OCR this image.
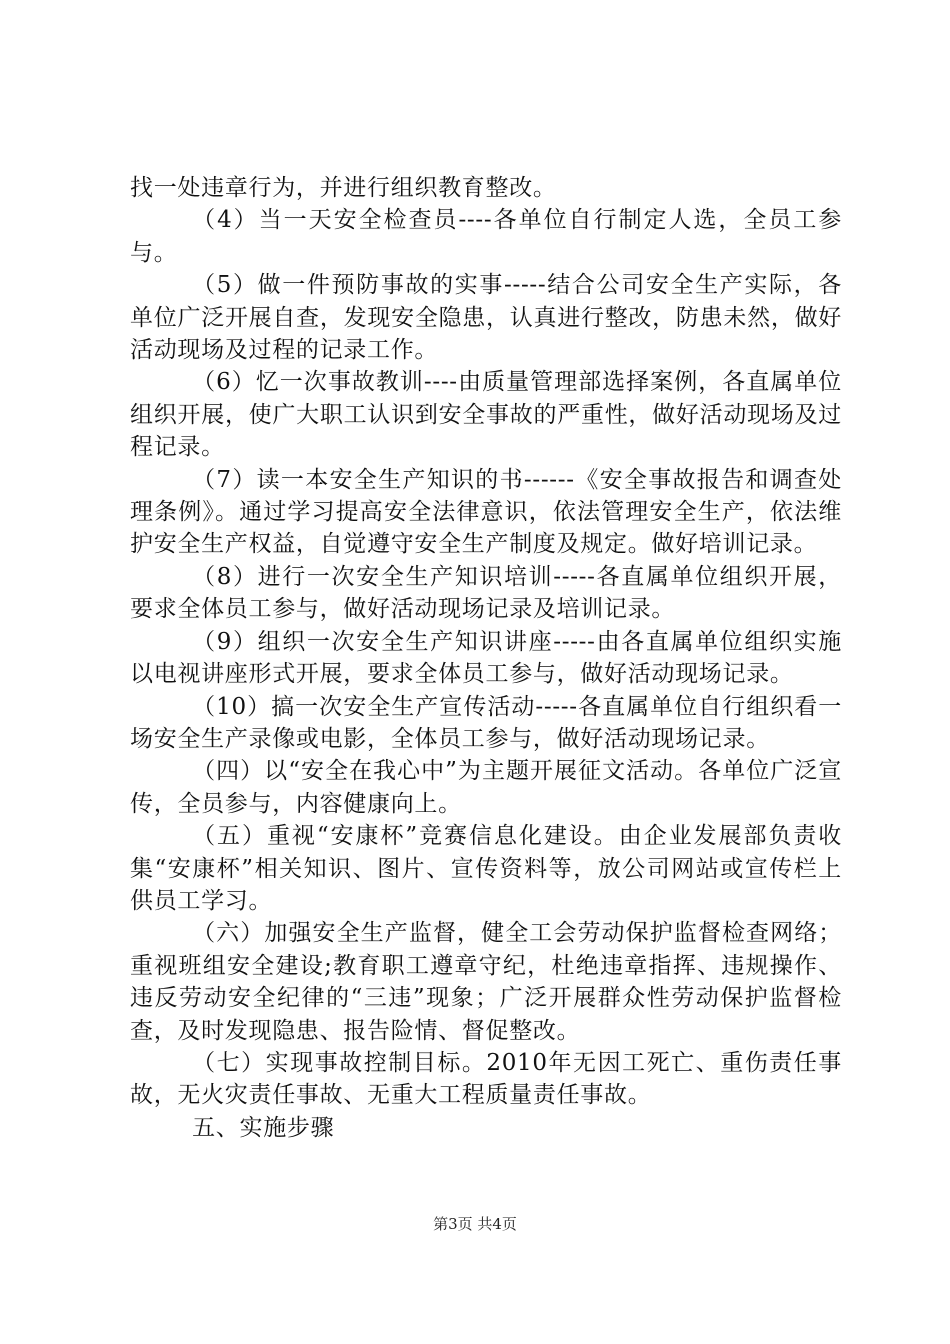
找一处违章行为，并进行组织教育整改。

（4）当一天安全检查员----各单位自行制定人选，全员工参与。

（5）做一件预防事故的实事-----结合公司安全生产实际，各单位广泛开展自查，发现安全隐患，认真进行整改，防患未然，做好活动现场及过程的记录工作。

（6）忆一次事故教训----由质量管理部选择案例，各直属单位组织开展，使广大职工认识到安全事故的严重性，做好活动现场及过程记录。

（7）读一本安全生产知识的书------《安全事故报告和调查处理条例》。通过学习提高安全法律意识，依法管理安全生产，依法维护安全生产权益，自觉遵守安全生产制度及规定。做好培训记录。

（8）进行一次安全生产知识培训-----各直属单位组织开展，要求全体员工参与，做好活动现场记录及培训记录。

（9）组织一次安全生产知识讲座-----由各直属单位组织实施以电视讲座形式开展，要求全体员工参与，做好活动现场记录。

（10）搞一次安全生产宣传活动-----各直属单位自行组织看一场安全生产录像或电影，全体员工参与，做好活动现场记录。

（四）以“安全在我心中”为主题开展征文活动。各单位广泛宣传，全员参与，内容健康向上。

（五）重视“安康杯”竞赛信息化建设。由企业发展部负责收集“安康杯”相关知识、图片、宣传资料等，放公司网站或宣传栏上供员工学习。

（六）加强安全生产监督，健全工会劳动保护监督检查网络；重视班组安全建设;教育职工遵章守纪，杜绝违章指挥、违规操作、违反劳动安全纪律的“三违”现象；广泛开展群众性劳动保护监督检查，及时发现隐患、报告险情、督促整改。

（七）实现事故控制目标。2010年无因工死亡、重伤责任事故，无火灾责任事故、无重大工程质量责任事故。

五、实施步骤

第3页 共4页
